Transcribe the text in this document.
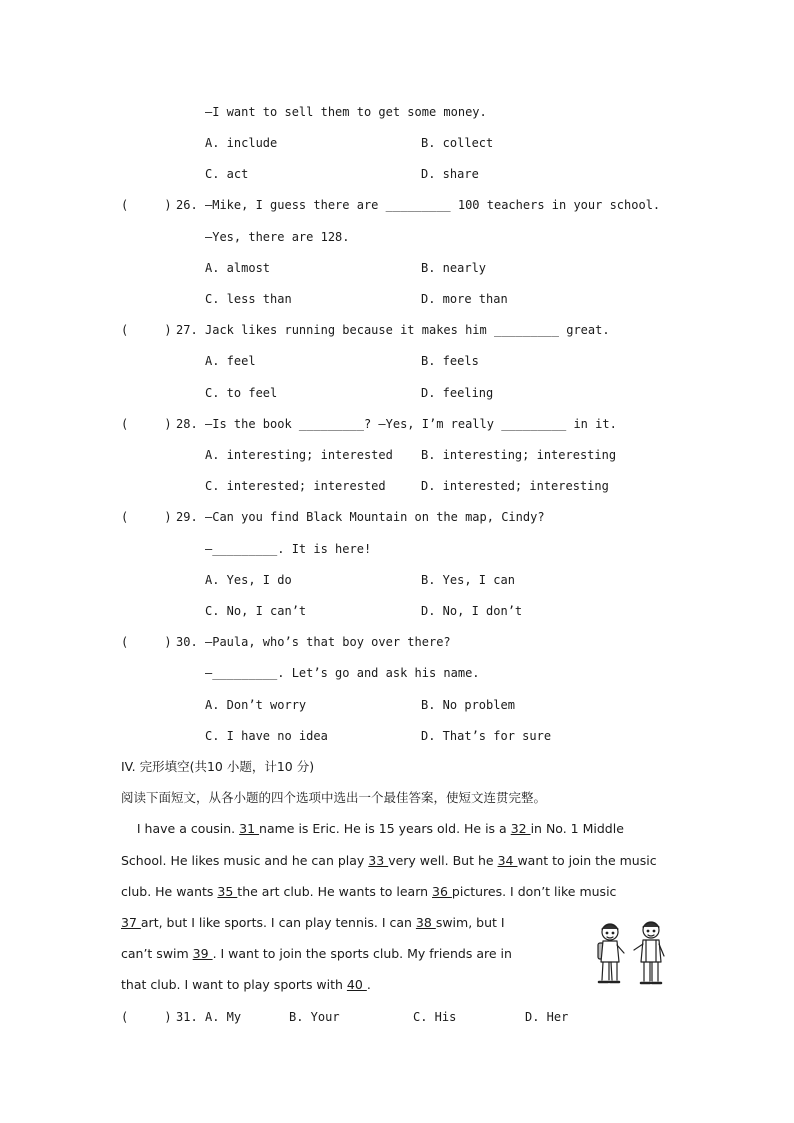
—I want to sell them to get some money.
A. include	B. collect
C. act	D. share
(     ) 26. —Mike, I guess there are _________ 100 teachers in your school.
—Yes, there are 128.
A. almost	B. nearly
C. less than	D. more than
(     ) 27. Jack likes running because it makes him _________ great.
A. feel	B. feels
C. to feel	D. feeling
(     ) 28. —Is the book _________? —Yes, I’m really _________ in it.
A. interesting; interested B. interesting; interesting
C. interested; interested	D. interested; interesting
(     ) 29. —Can you find Black Mountain on the map, Cindy?
—_________. It is here!
A. Yes, I do	B. Yes, I can
C. No, I can’t	D. No, I don’t
(     ) 30. —Paula, who’s that boy over there?
—_________. Let’s go and ask his name.
A. Don’t worry	B. No problem
C. I have no idea	D. That’s for sure
IV. 完形填空(共10 小题，计10 分)
阅读下面短文，从各小题的四个选项中选出一个最佳答案，使短文连贯完整。
I have a cousin. 31 name is Eric. He is 15 years old. He is a 32 in No. 1 Middle
School. He likes music and he can play 33 very well. But he 34 want to join the music
club. He wants 35 the art club. He wants to learn 36 pictures. I don’t like music
37 art, but I like sports. I can play tennis. I can 38 swim, but I
can’t swim 39 . I want to join the sports club. My friends are in
that club. I want to play sports with 40 .
(     ) 31. A. My	B. Your	C. His	D. Her
